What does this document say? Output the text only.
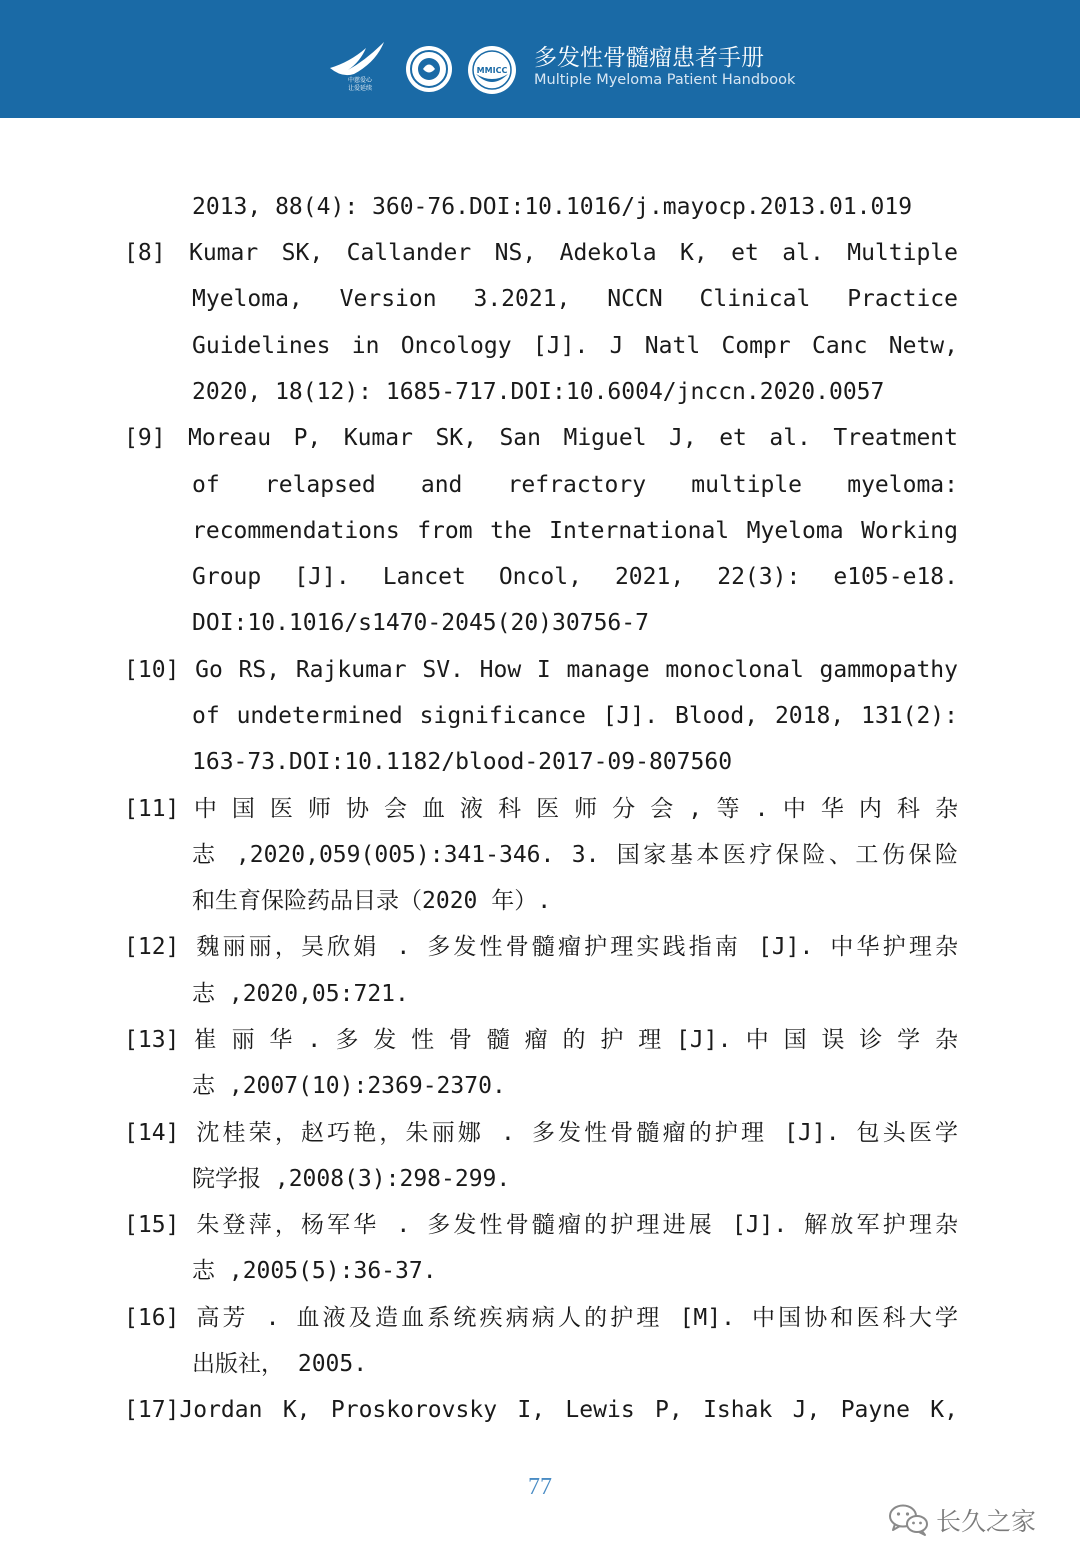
中慈爱心
让爱延续
MMICC 多发性骨髓瘤患者手册
Multiple Myeloma Patient Handbook
2013, 88(4): 360-76.DOI:10.1016/j.mayocp.2013.01.019
[8] Kumar SK, Callander NS, Adekola K, et al. Multiple
Myeloma, Version 3.2021, NCCN Clinical Practice
Guidelines in Oncology [J]. J Natl Compr Canc Netw,
2020, 18(12): 1685-717.DOI:10.6004/jnccn.2020.0057
[9] Moreau P, Kumar SK, San Miguel J, et al. Treatment
of relapsed and refractory multiple myeloma:
recommendations from the International Myeloma Working
Group [J]. Lancet Oncol, 2021, 22(3): e105-e18.
DOI:10.1016/s1470-2045(20)30756-7
[10] Go RS, Rajkumar SV. How I manage monoclonal gammopathy
of undetermined significance [J]. Blood, 2018, 131(2):
163-73.DOI:10.1182/blood-2017-09-807560
[11] 中 国 医 师 协 会 血 液 科 医 师 分 会 , 等 . 中 华 内 科 杂
志 ,2020,059(005):341-346. 3. 国家基本医疗保险、工伤保险
和生育保险药品目录（2020 年）.
[12] 魏丽丽，吴欣娟 . 多发性骨髓瘤护理实践指南 [J]. 中华护理杂
志 ,2020,05:721.
[13] 崔 丽 华 . 多 发 性 骨 髓 瘤 的 护 理 [J]. 中 国 误 诊 学 杂
志 ,2007(10):2369-2370.
[14] 沈桂荣，赵巧艳，朱丽娜 . 多发性骨髓瘤的护理 [J]. 包头医学
院学报 ,2008(3):298-299.
[15] 朱登萍，杨军华 . 多发性骨髓瘤的护理进展 [J]. 解放军护理杂
志 ,2005(5):36-37.
[16] 高芳 . 血液及造血系统疾病病人的护理 [M]. 中国协和医科大学
出版社， 2005.
[17]Jordan K, Proskorovsky I, Lewis P, Ishak J, Payne K,
77
长久之家
